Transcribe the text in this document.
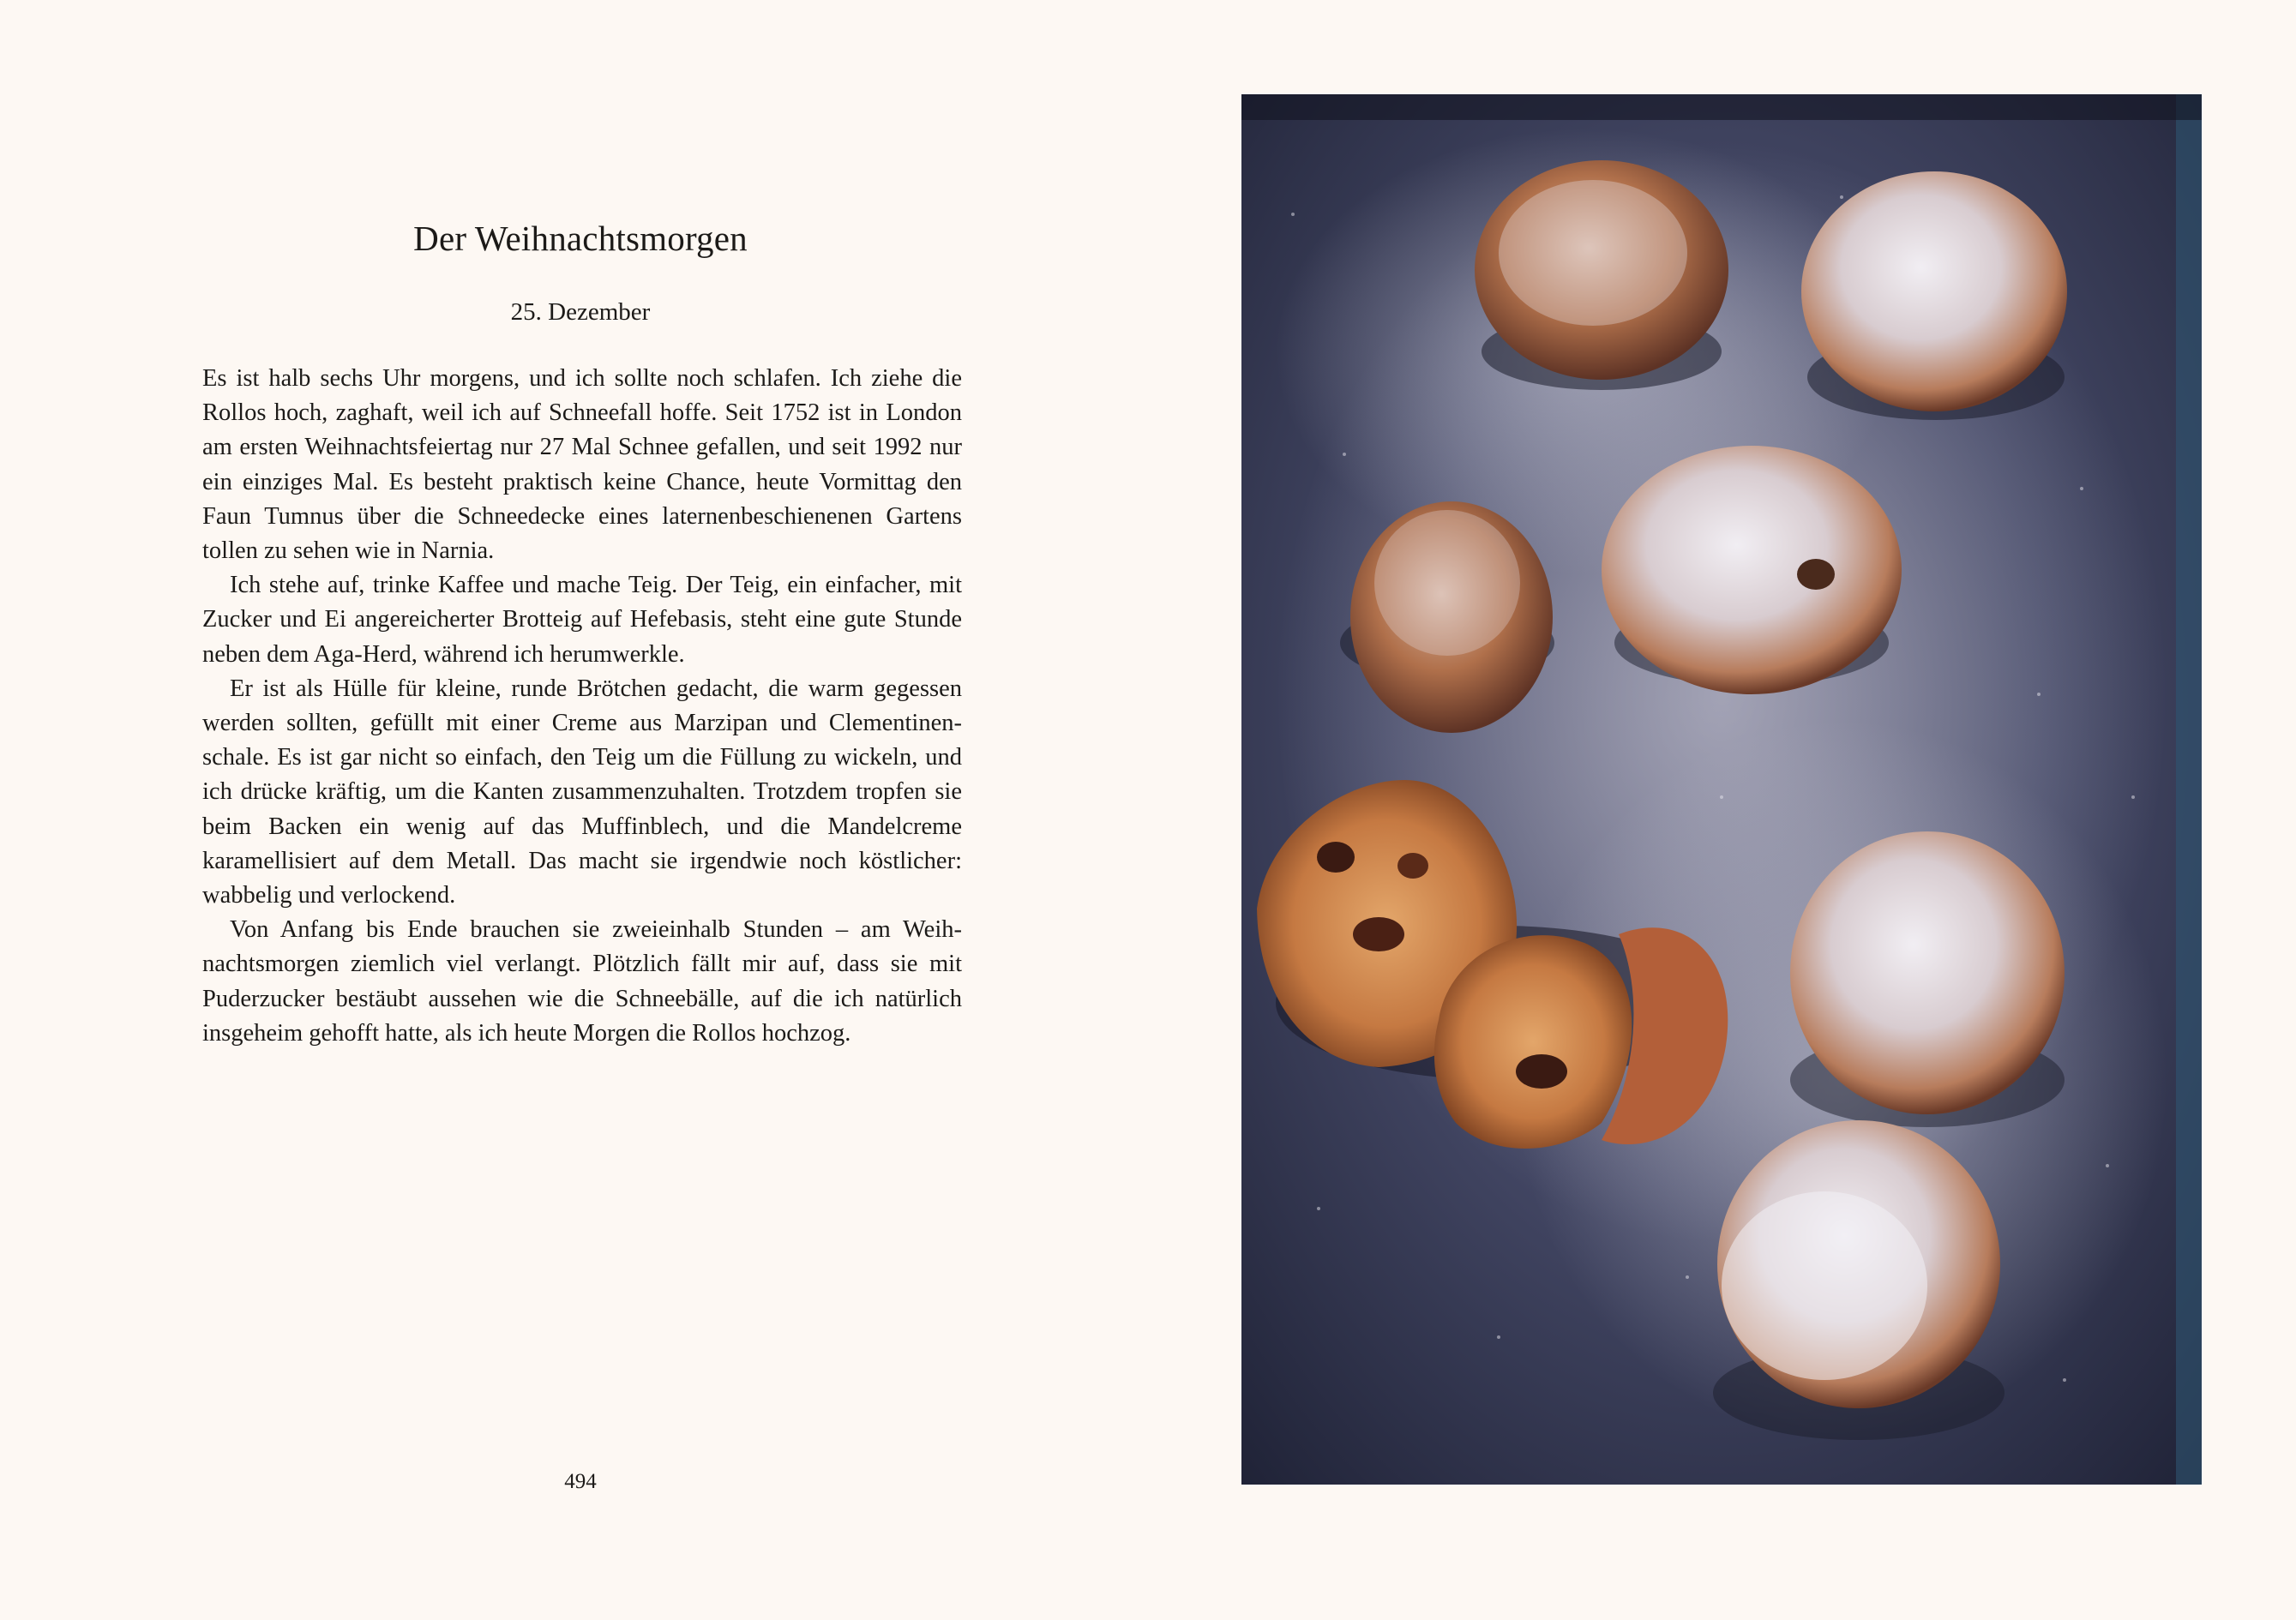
Der Weihnachtsmorgen
25. Dezember

Es ist halb sechs Uhr morgens, und ich sollte noch schlafen. Ich ziehe die Rollos hoch, zaghaft, weil ich auf Schneefall hoffe. Seit 1752 ist in London am ersten Weihnachtsfeiertag nur 27 Mal Schnee gefallen, und seit 1992 nur ein einziges Mal. Es besteht praktisch keine Chance, heute Vormittag den Faun Tumnus über die Schneedecke eines laternenbeschienenen Gartens tollen zu sehen wie in Narnia.

Ich stehe auf, trinke Kaffee und mache Teig. Der Teig, ein einfacher, mit Zucker und Ei angereicherter Brotteig auf Hefebasis, steht eine gute Stunde neben dem Aga-Herd, während ich herumwerkle.

Er ist als Hülle für kleine, runde Brötchen gedacht, die warm gegessen werden sollten, gefüllt mit einer Creme aus Marzipan und Clementinenschale. Es ist gar nicht so einfach, den Teig um die Füllung zu wickeln, und ich drücke kräftig, um die Kanten zusammenzuhalten. Trotzdem tropfen sie beim Backen ein wenig auf das Muffinblech, und die Mandelcreme karamellisiert auf dem Metall. Das macht sie irgendwie noch köstlicher: wabbelig und verlockend.

Von Anfang bis Ende brauchen sie zweieinhalb Stunden – am Weihnachtsmorgen ziemlich viel verlangt. Plötzlich fällt mir auf, dass sie mit Puderzucker bestäubt aussehen wie die Schneebälle, auf die ich natürlich insgeheim gehofft hatte, als ich heute Morgen die Rollos hochzog.

494
